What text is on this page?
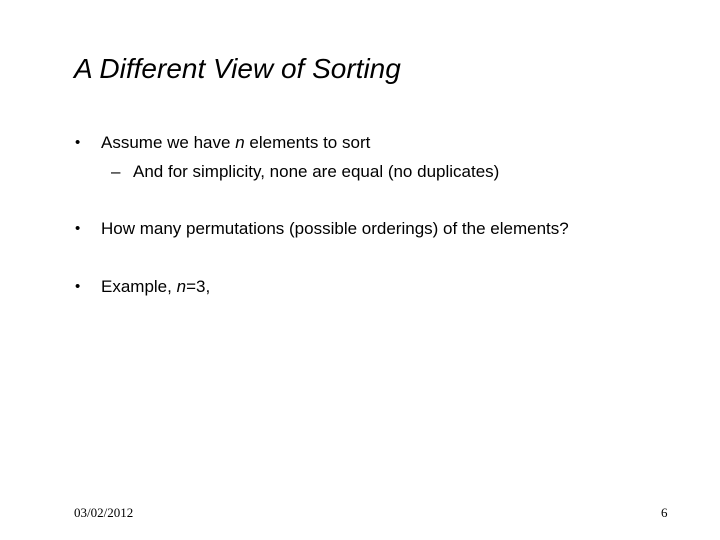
A Different View of Sorting
• Assume we have n elements to sort
– And for simplicity, none are equal (no duplicates)
• How many permutations (possible orderings) of the elements?
• Example, n=3,
03/02/2012	6
